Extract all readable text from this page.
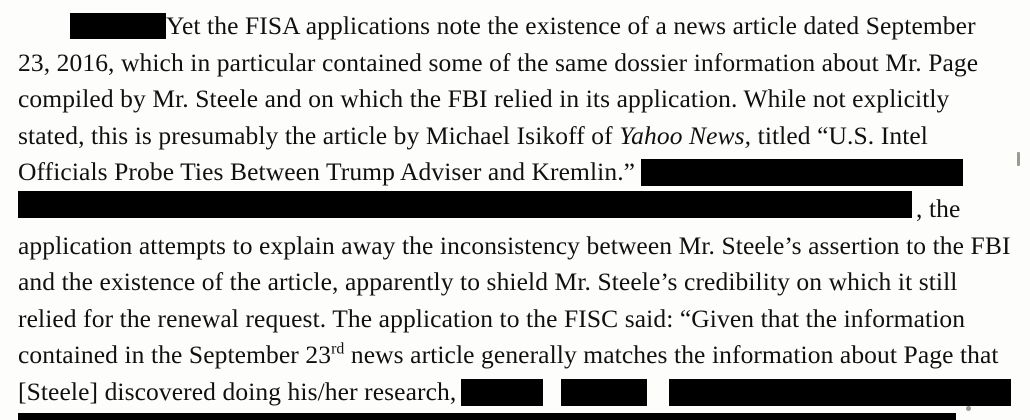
Yet the FISA applications note the existence of a news article dated September
23, 2016, which in particular contained some of the same dossier information about Mr. Page
compiled by Mr. Steele and on which the FBI relied in its application. While not explicitly
stated, this is presumably the article by Michael Isikoff of Yahoo News, titled “U.S. Intel
Officials Probe Ties Between Trump Adviser and Kremlin.”
, the
application attempts to explain away the inconsistency between Mr. Steele’s assertion to the FBI
and the existence of the article, apparently to shield Mr. Steele’s credibility on which it still
relied for the renewal request. The application to the FISC said: “Given that the information
contained in the September 23rd news article generally matches the information about Page that
[Steele] discovered doing his/her research,
